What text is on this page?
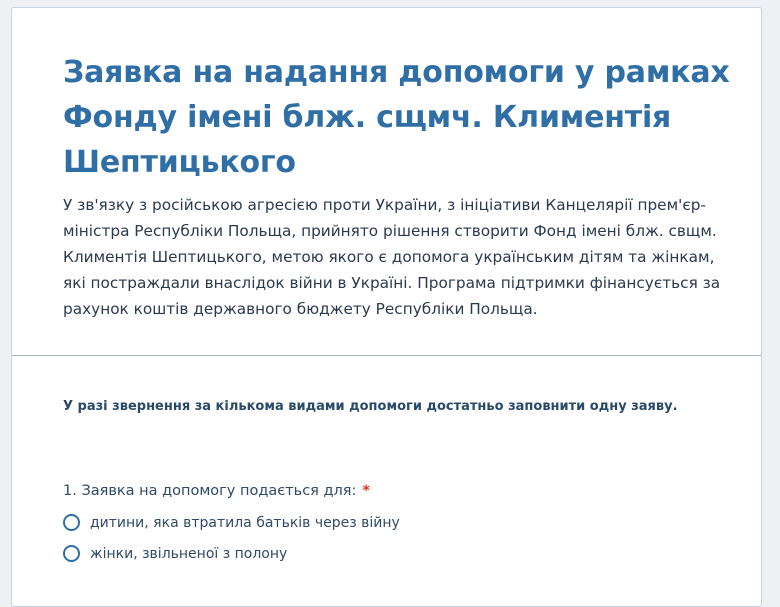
Заявка на надання допомоги у рамках Фонду імені блж. сщмч. Климентія Шептицького

У зв'язку з російською агресією проти України, з ініціативи Канцелярії прем'єр-міністра Республіки Польща, прийнято рішення створити Фонд імені блж. свщм. Климентія Шептицького, метою якого є допомога українським дітям та жінкам, які постраждали внаслідок війни в Україні. Програма підтримки фінансується за рахунок коштів державного бюджету Республіки Польща.

У разі звернення за кількома видами допомоги достатньо заповнити одну заяву.

1. Заявка на допомогу подається для: *
дитини, яка втратила батьків через війну
жінки, звільненої з полону
